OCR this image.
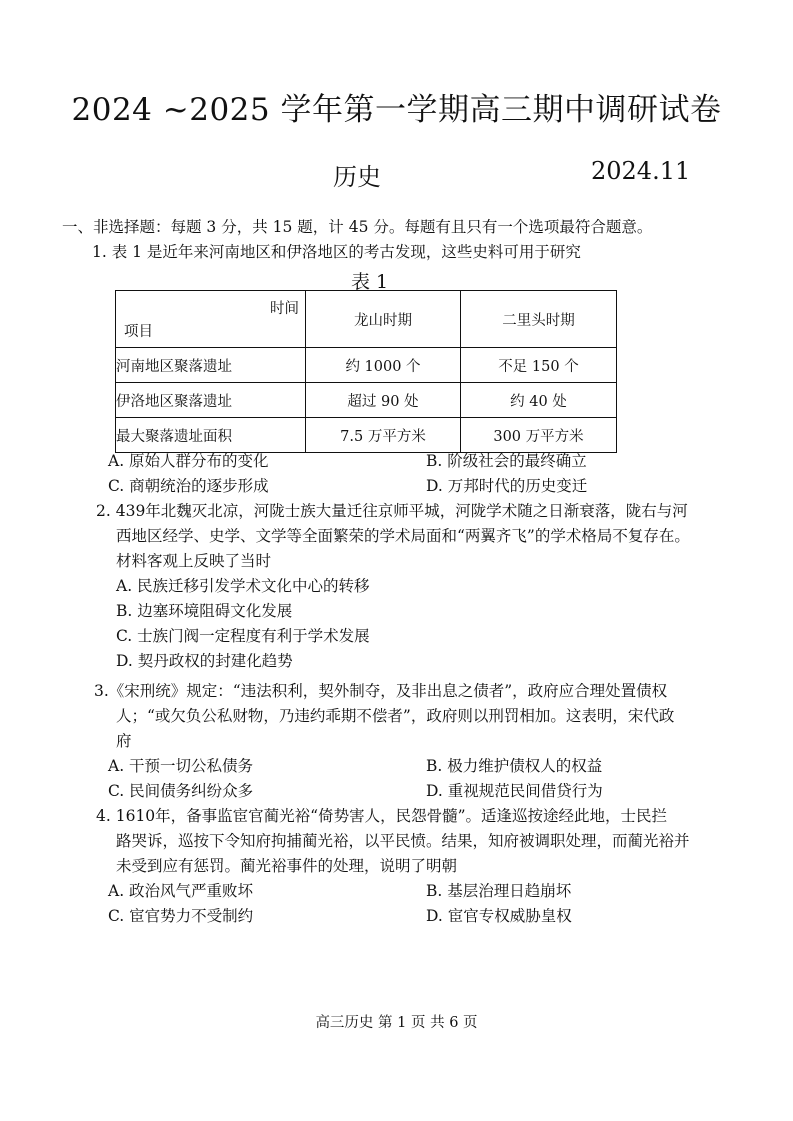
2024 ~2025 学年第一学期高三期中调研试卷
历史	2024.11
一、非选择题：每题 3 分，共 15 题，计 45 分。每题有且只有一个选项最符合题意。
1. 表 1 是近年来河南地区和伊洛地区的考古发现，这些史料可用于研究
表 1
时间
项目	龙山时期	二里头时期
河南地区聚落遗址	约 1000 个	不足 150 个
伊洛地区聚落遗址	超过 90 处	约 40 处
最大聚落遗址面积	7.5 万平方米	300 万平方米
A. 原始人群分布的变化	B. 阶级社会的最终确立
C. 商朝统治的逐步形成	D. 万邦时代的历史变迁
2. 439年北魏灭北凉，河陇士族大量迁往京师平城，河陇学术随之日渐衰落，陇右与河
西地区经学、史学、文学等全面繁荣的学术局面和“两翼齐飞”的学术格局不复存在。
材料客观上反映了当时
A. 民族迁移引发学术文化中心的转移
B. 边塞环境阻碍文化发展
C. 士族门阀一定程度有利于学术发展
D. 契丹政权的封建化趋势
3.《宋刑统》规定：“违法积利，契外制夺，及非出息之债者”，政府应合理处置债权
人；“或欠负公私财物，乃违约乖期不偿者”，政府则以刑罚相加。这表明，宋代政
府
A. 干预一切公私债务	B. 极力维护债权人的权益
C. 民间债务纠纷众多	D. 重视规范民间借贷行为
4. 1610年，备事监宦官蔺光裕“倚势害人，民怨骨髓”。适逢巡按途经此地，士民拦
路哭诉，巡按下令知府拘捕蔺光裕，以平民愤。结果，知府被调职处理，而蔺光裕并
未受到应有惩罚。蔺光裕事件的处理，说明了明朝
A. 政治风气严重败坏	B. 基层治理日趋崩坏
C. 宦官势力不受制约	D. 宦官专权威胁皇权
高三历史 第 1 页 共 6 页
